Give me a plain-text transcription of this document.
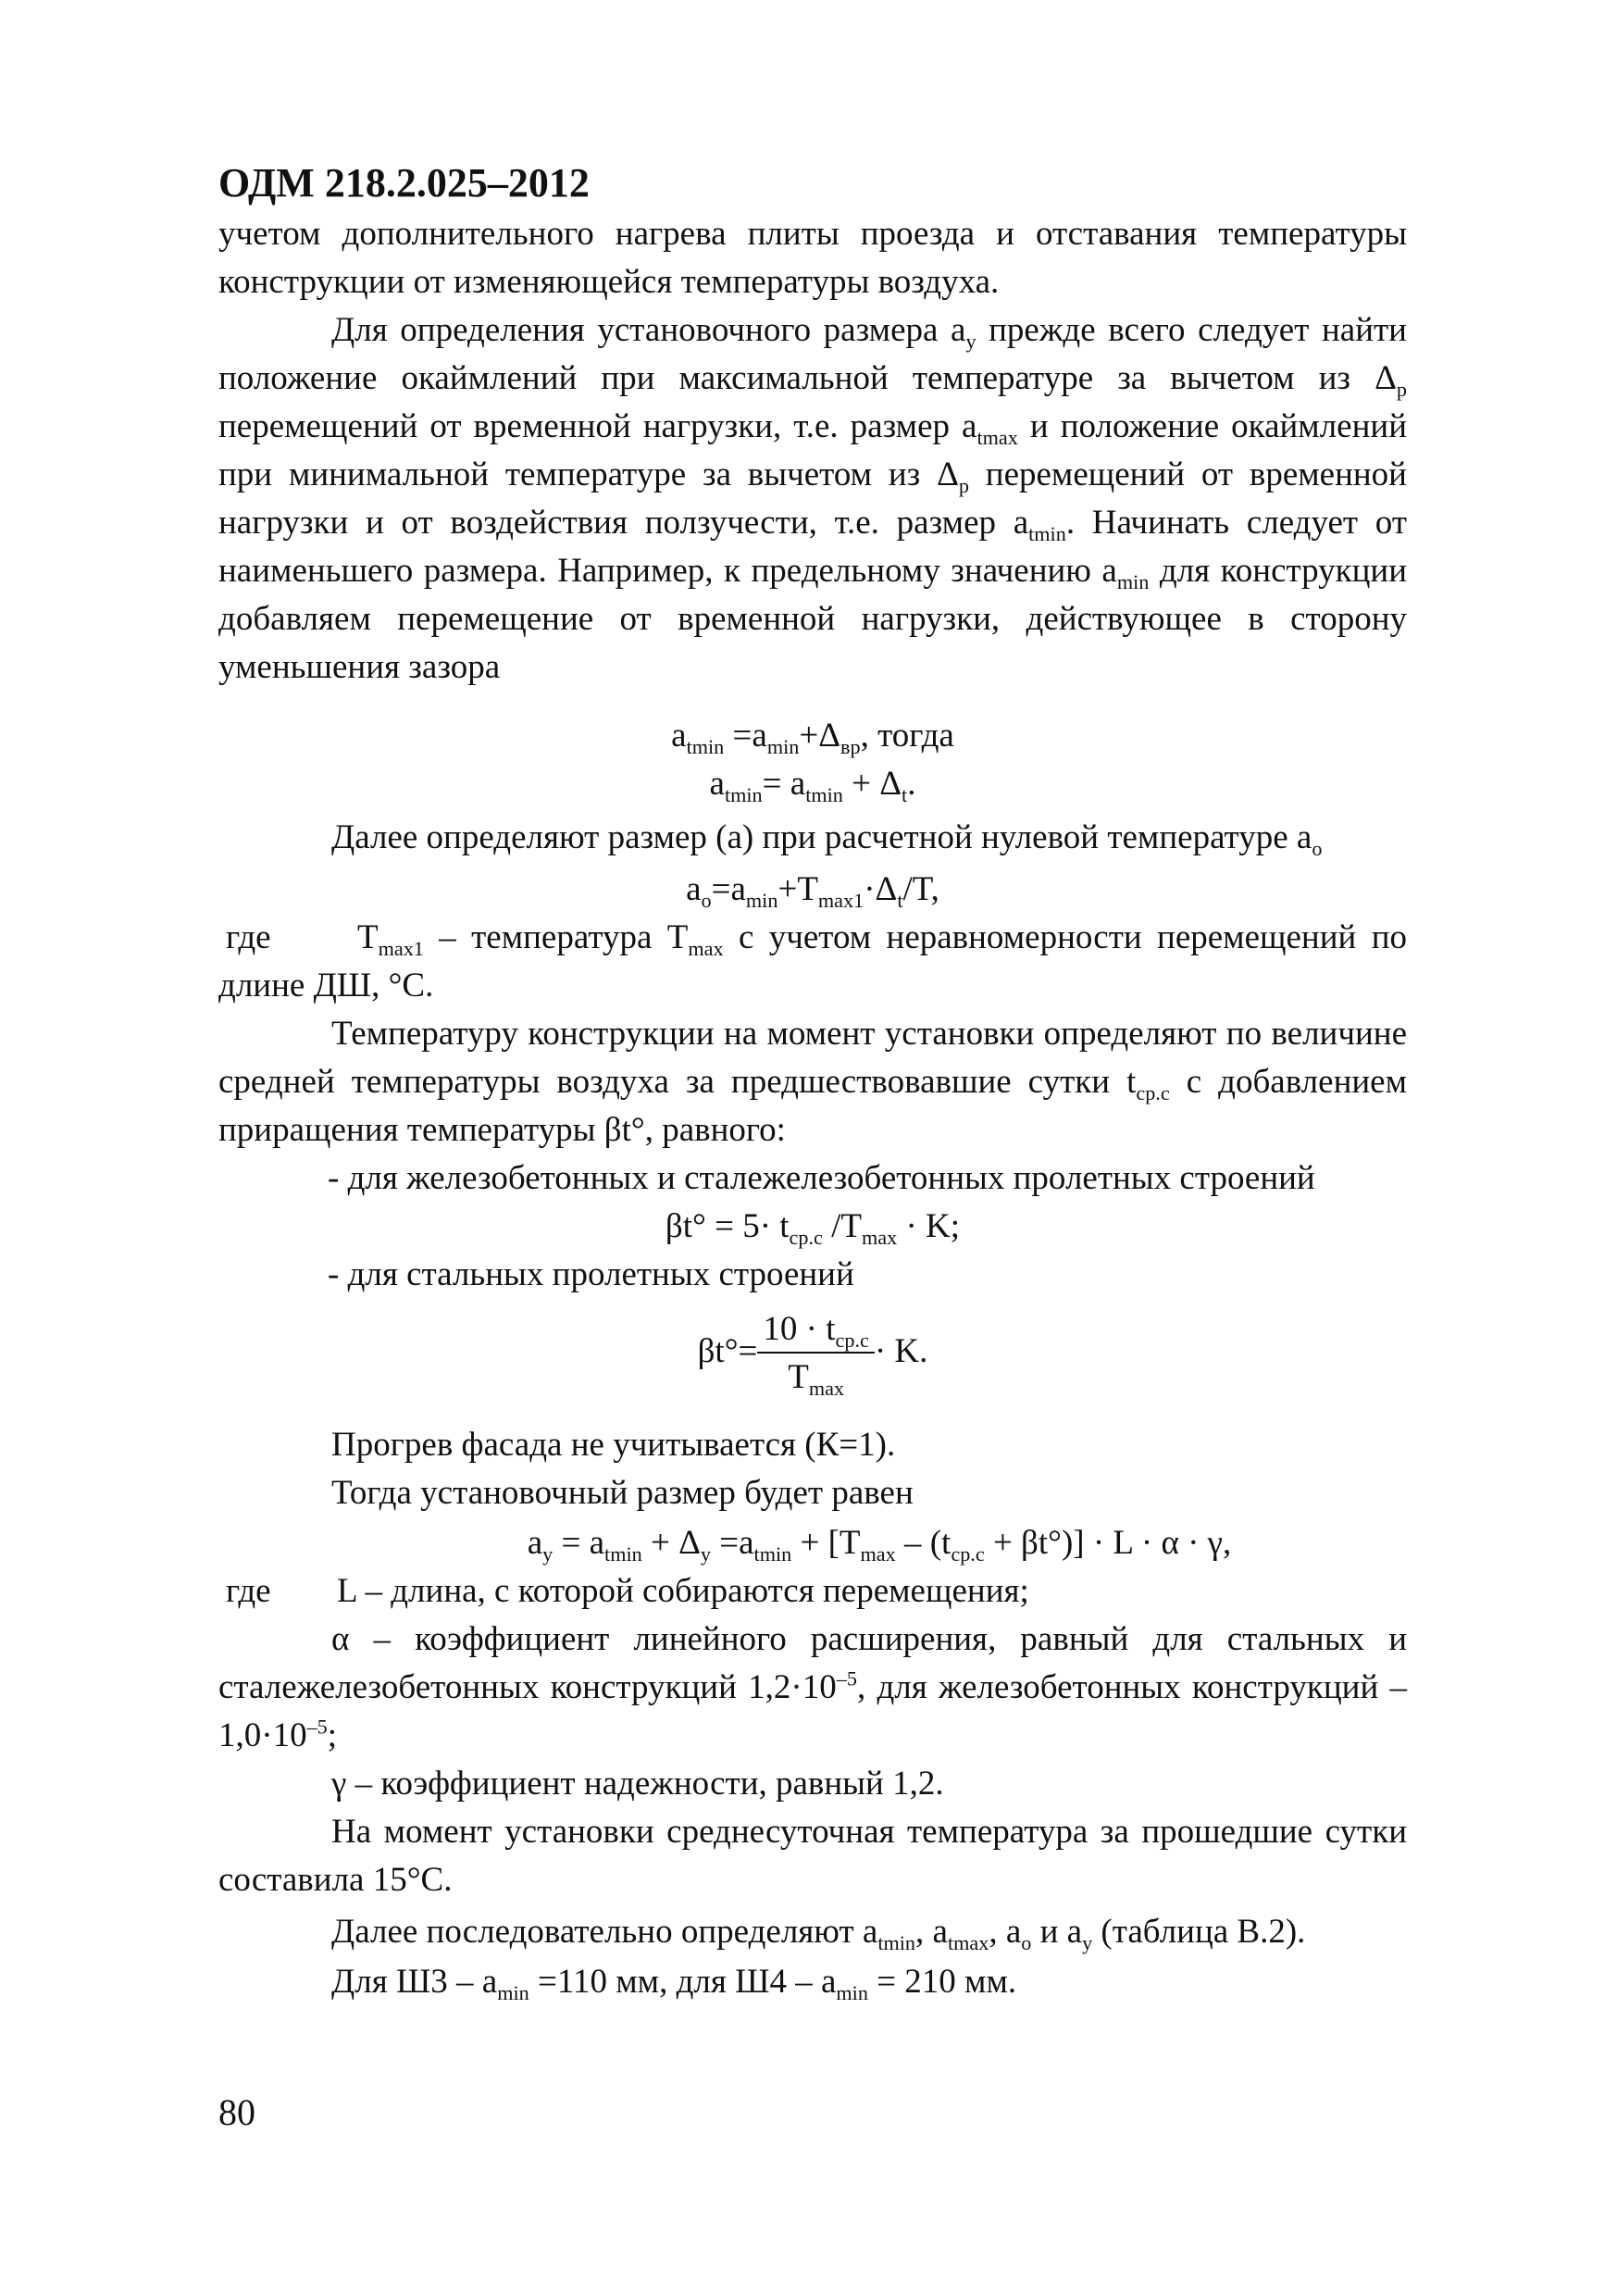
ОДМ 218.2.025–2012
учетом дополнительного нагрева плиты проезда и отставания температуры
конструкции от изменяющейся температуры воздуха.
Для определения установочного размера $a_у$ прежде всего следует найти
положение окаймлений при максимальной температуре за вычетом из $\Delta_р$
перемещений от временной нагрузки, т.е. размер $a_{tmax}$ и положение окаймлений
при минимальной температуре за вычетом из $\Delta_р$ перемещений от временной
нагрузки и от воздействия ползучести, т.е. размер $a_{tmin}$. Начинать следует от
наименьшего размера. Например, к предельному значению $a_{min}$ для конструкции
добавляем перемещение от временной нагрузки, действующее в сторону
уменьшения зазора
$a_{tmin} =a_{min}+\Delta_{вр}$, тогда
$a_{tmin}= a_{tmin} + \Delta_t$.
Далее определяют размер (a) при расчетной нулевой температуре $a_o$
$a_o=a_{min}+T_{max1}\cdot\Delta_t/T$,
где	$T_{max1}$ – температура $T_{max}$ с учетом неравномерности перемещений по
длине ДШ, °С.
Температуру конструкции на момент установки определяют по величине
средней температуры воздуха за предшествовавшие сутки $t_{ср.с}$ с добавлением
приращения температуры βt°, равного:
- для железобетонных и сталежелезобетонных пролетных строений
$\beta t^\circ = 5\cdot t_{ср.с}$ $/T_{max} \cdot K$;
- для стальных пролетных строений
$\beta t^\circ= \frac{10 \cdot t_{ср.с}}{T_{max}} \cdot K$.
Прогрев фасада не учитывается (К=1).
Тогда установочный размер будет равен
$a_у = a_{tmin} + \Delta_у =a_{tmin} + [T_{max} - (t_{ср.с} + \beta t^\circ)] \cdot L \cdot \alpha \cdot \gamma$,
где L – длина, с которой собираются перемещения;
α – коэффициент линейного расширения, равный для стальных и
сталежелезобетонных конструкций $1,2\cdot 10^{-5}$, для железобетонных конструкций –
$1,0\cdot 10^{-5}$;
γ – коэффициент надежности, равный 1,2.
На момент установки среднесуточная температура за прошедшие сутки
составила 15°С.
Далее последовательно определяют $a_{tmin}$, $a_{tmax}$, $a_o$ и $a_у$ (таблица В.2).
Для $Ш3 - a_{min} =110$ мм, для $Ш4 - a_{min} = 210$ мм.
80
